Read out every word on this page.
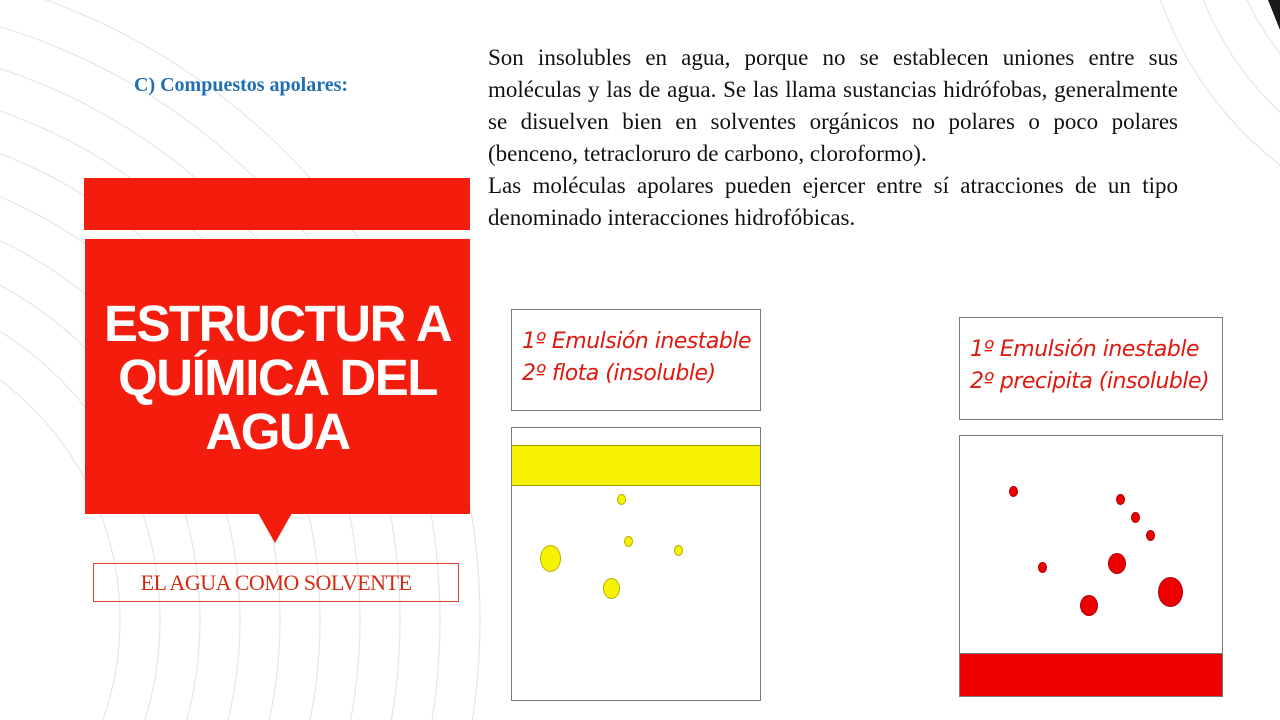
C) Compuestos apolares:
ESTRUCTUR A QUÍMICA DEL AGUA
EL AGUA COMO SOLVENTE

Son insolubles en agua, porque no se establecen uniones entre sus moléculas y las de agua. Se las llama sustancias hidrófobas, generalmente se disuelven bien en solventes orgánicos no polares o poco polares (benceno, tetracloruro de carbono, cloroformo).

Las moléculas apolares pueden ejercer entre sí atracciones de un tipo denominado interacciones hidrofóbicas.

1º Emulsión inestable
2º flota (insoluble)
1º Emulsión inestable
2º precipita (insoluble)
